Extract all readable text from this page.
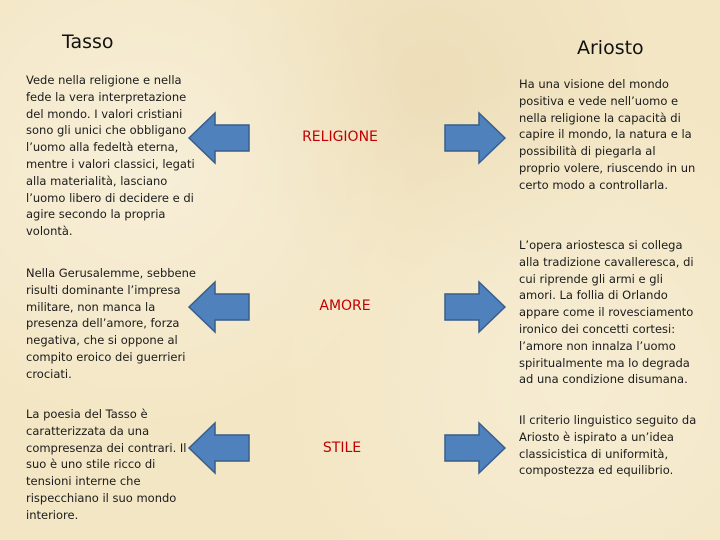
Tasso	Ariosto
Vede nella religione e nella fede la vera interpretazione del mondo. I valori cristiani sono gli unici che obbligano l’uomo alla fedeltà eterna, mentre i valori classici, legati alla materialità, lasciano l’uomo libero di decidere e di agire secondo la propria volontà.
RELIGIONE
Ha una visione del mondo positiva e vede nell’uomo e nella religione la capacità di capire il mondo, la natura e la possibilità di piegarla al proprio volere, riuscendo in un certo modo a controllarla.
Nella Gerusalemme, sebbene risulti dominante l’impresa militare, non manca la presenza dell’amore, forza negativa, che si oppone al compito eroico dei guerrieri crociati.
AMORE
L’opera ariostesca si collega alla tradizione cavalleresca, di cui riprende gli armi e gli amori. La follia di Orlando appare come il rovesciamento ironico dei concetti cortesi: l’amore non innalza l’uomo spiritualmente ma lo degrada ad una condizione disumana.
La poesia del Tasso è caratterizzata da una compresenza dei contrari. Il suo è uno stile ricco di tensioni interne che rispecchiano il suo mondo interiore.
STILE
Il criterio linguistico seguito da Ariosto è ispirato a un’idea classicistica di uniformità, compostezza ed equilibrio.
